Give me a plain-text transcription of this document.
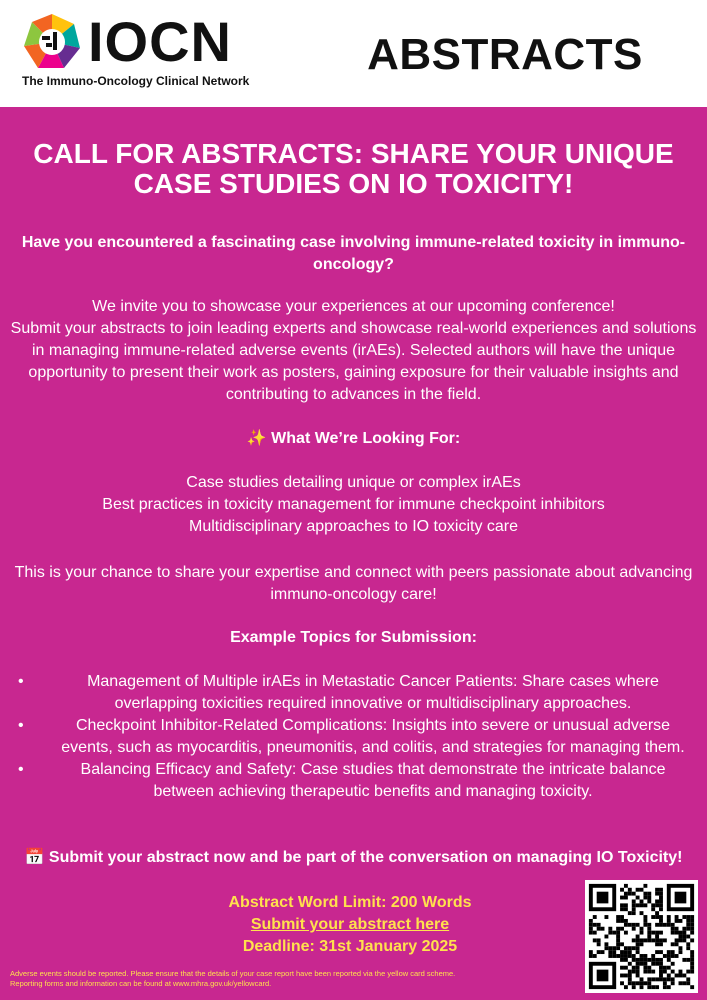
IOCN
The Immuno-Oncology Clinical Network
ABSTRACTS
CALL FOR ABSTRACTS: SHARE YOUR UNIQUE CASE STUDIES ON IO TOXICITY!

Have you encountered a fascinating case involving immune-related toxicity in immuno-oncology?

We invite you to showcase your experiences at our upcoming conference!

Submit your abstracts to join leading experts and showcase real-world experiences and solutions in managing immune-related adverse events (irAEs). Selected authors will have the unique opportunity to present their work as posters, gaining exposure for their valuable insights and contributing to advances in the field.

✨ What We’re Looking For:

Case studies detailing unique or complex irAEs

Best practices in toxicity management for immune checkpoint inhibitors

Multidisciplinary approaches to IO toxicity care

This is your chance to share your expertise and connect with peers passionate about advancing immuno-oncology care!

Example Topics for Submission:

•	Management of Multiple irAEs in Metastatic Cancer Patients: Share cases where overlapping toxicities required innovative or multidisciplinary approaches.
•	Checkpoint Inhibitor-Related Complications: Insights into severe or unusual adverse events, such as myocarditis, pneumonitis, and colitis, and strategies for managing them.
•	Balancing Efficacy and Safety: Case studies that demonstrate the intricate balance between achieving therapeutic benefits and managing toxicity.

📅 Submit your abstract now and be part of the conversation on managing IO Toxicity!

Abstract Word Limit: 200 Words

Submit your abstract here

Deadline: 31st January 2025

Adverse events should be reported. Please ensure that the details of your case report have been reported via the yellow card scheme.
Reporting forms and information can be found at www.mhra.gov.uk/yellowcard.
